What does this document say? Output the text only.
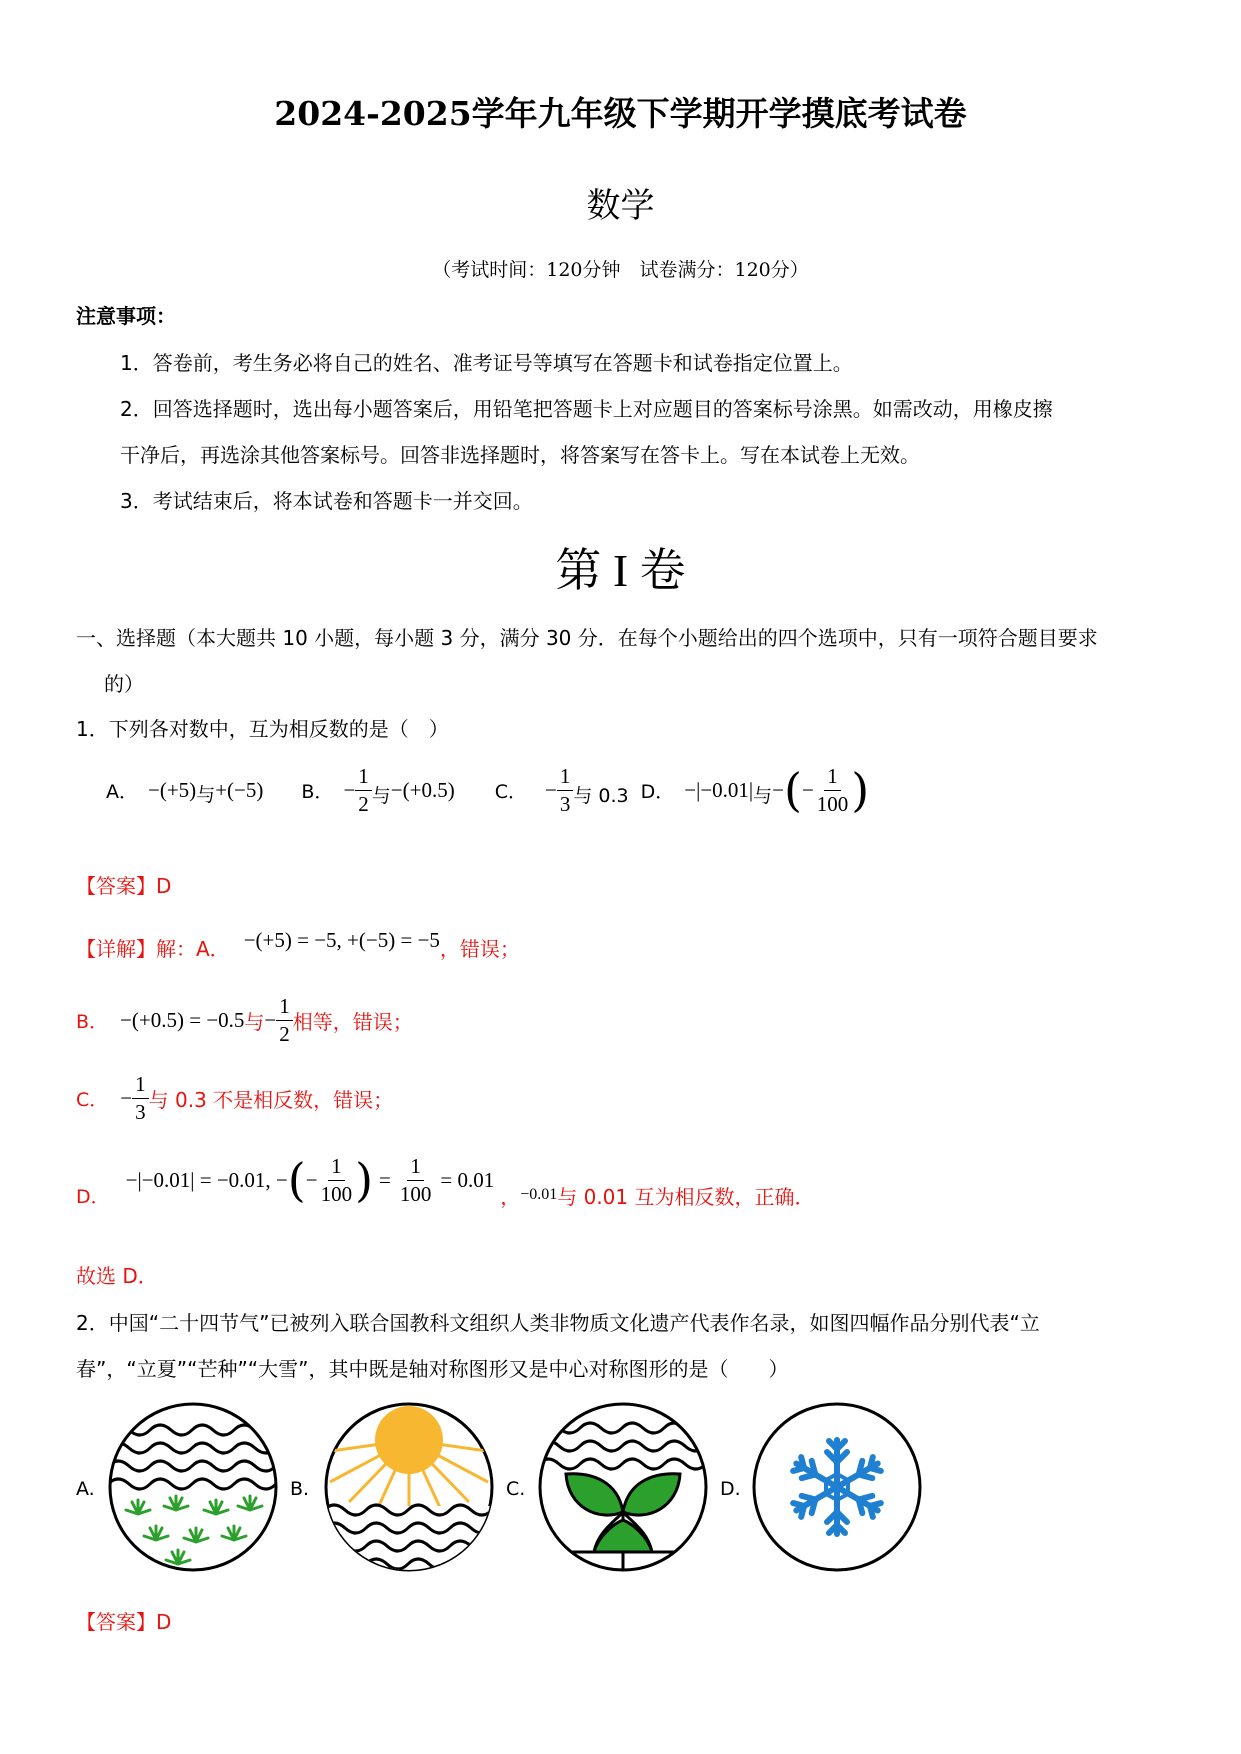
2024-2025学年九年级下学期开学摸底考试卷
数学
（考试时间：120分钟　试卷满分：120分）
注意事项：
1．答卷前，考生务必将自己的姓名、准考证号等填写在答题卡和试卷指定位置上。
2．回答选择题时，选出每小题答案后，用铅笔把答题卡上对应题目的答案标号涂黑。如需改动，用橡皮擦
干净后，再选涂其他答案标号。回答非选择题时，将答案写在答卡上。写在本试卷上无效。
3．考试结束后，将本试卷和答题卡一并交回。
第 I 卷
一、选择题（本大题共 10 小题，每小题 3 分，满分 30 分．在每个小题给出的四个选项中，只有一项符合题目要求
的）
1．下列各对数中，互为相反数的是（　）
A． −(+5) 与 +(−5) B． − $\frac{1}{2}$ 与 −(+0.5) C． − $\frac{1}{3}$ 与 0.3 D． −|−0.01| 与 − ( − $\frac{1}{100}$ )
【答案】D
【详解】解：A． −(+5) = −5, +(−5) = −5 ，错误；
B． −(+0.5) = −0.5 与 − $\frac{1}{2}$ 相等，错误；
C． − $\frac{1}{3}$ 与 0.3 不是相反数，错误；
D．
−|−0.01| = −0.01, − ( − $\frac{1}{100}$ ) = $\frac{1}{100} = 0.01$
， −0.01 与 0.01 互为相反数，正确．
故选 D．
2．中国“二十四节气”已被列入联合国教科文组织人类非物质文化遗产代表作名录，如图四幅作品分别代表“立
春”，“立夏”“芒种”“大雪”，其中既是轴对称图形又是中心对称图形的是（　　）
A.	B.	C.	D.
【答案】D
